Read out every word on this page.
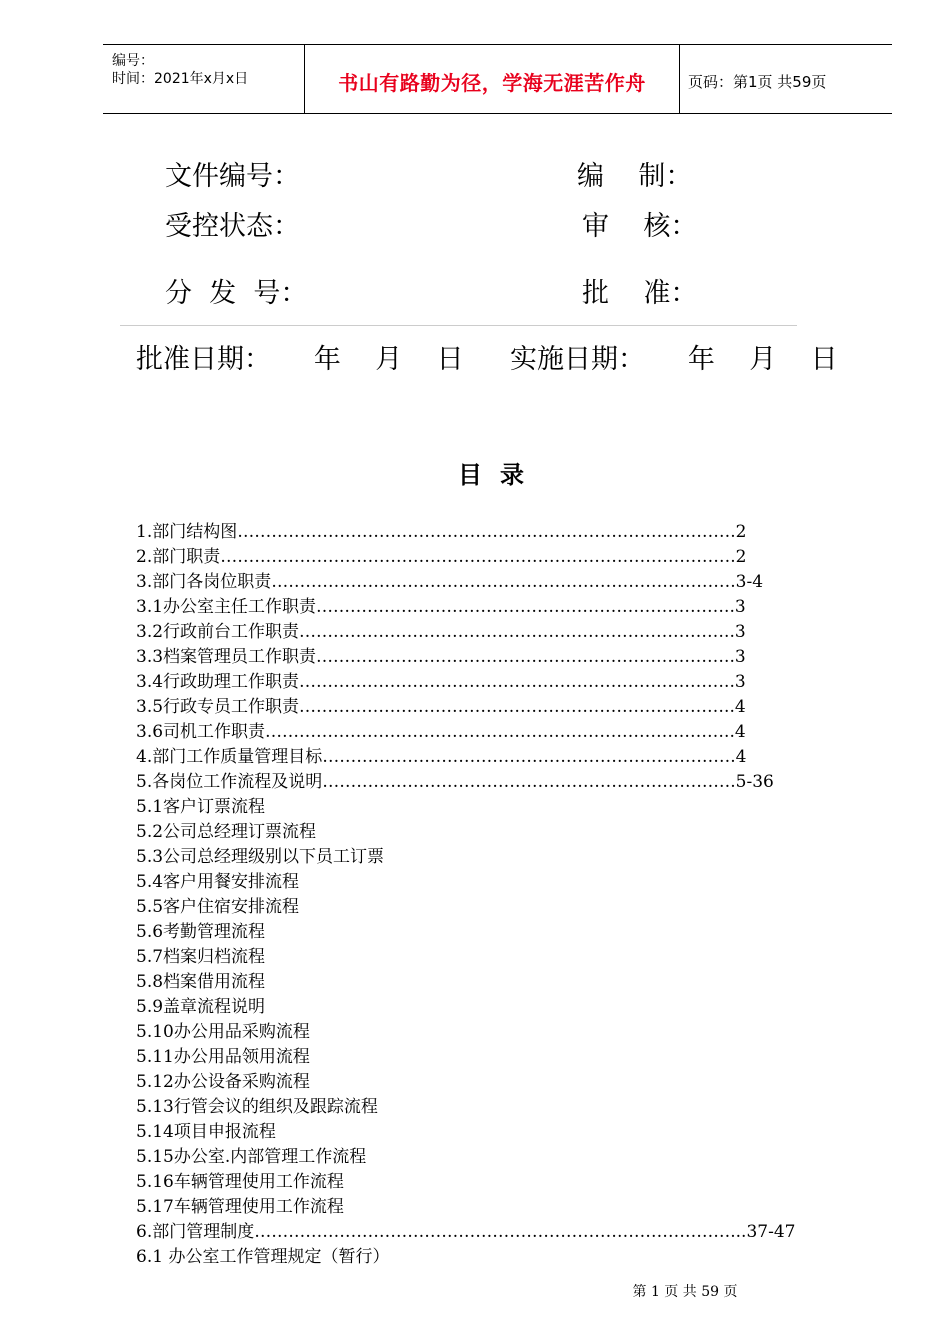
编号：
时间：2021年x月x日	书山有路勤为径，学海无涯苦作舟	页码：第1页 共59页
文件编号：	编    制：
受控状态：	审    核：
分  发  号：	批    准：
批准日期：     年    月    日 实施日期：     年    月    日
目录
1.部门结构图…………………………………………………………………………….2
2.部门职责……………………………………………………………………………….2
3.部门各岗位职责……………………………………………………………………….3-4
3.1办公室主任工作职责………………………………………………………………..3
3.2行政前台工作职责…………………………………………………………………..3
3.3档案管理员工作职责………………………………………………………………..3
3.4行政助理工作职责…………………………………………………………………..3
3.5行政专员工作职责…………………………………………………………………..4
3.6司机工作职责………………………………………………………………………..4
4.部门工作质量管理目标……………………………………………………………….4
5.各岗位工作流程及说明……………………………………………………………….5-36
5.1客户订票流程
5.2公司总经理订票流程
5.3公司总经理级别以下员工订票
5.4客户用餐安排流程
5.5客户住宿安排流程
5.6考勤管理流程
5.7档案归档流程
5.8档案借用流程
5.9盖章流程说明
5.10办公用品采购流程
5.11办公用品领用流程
5.12办公设备采购流程
5.13行管会议的组织及跟踪流程
5.14项目申报流程
5.15办公室.内部管理工作流程
5.16车辆管理使用工作流程
5.17车辆管理使用工作流程
6.部门管理制度…………………………………………………………………………...37-47
6.1 办公室工作管理规定（暂行）
第 1 页 共 59 页
